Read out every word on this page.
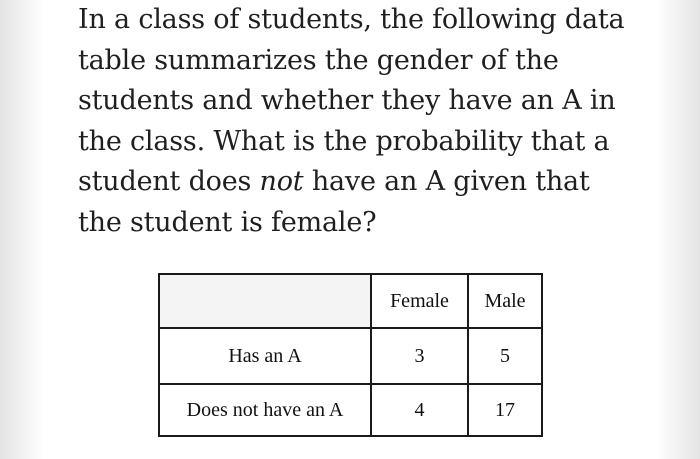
In a class of students, the following data table summarizes the gender of the students and whether they have an A in the class. What is the probability that a student does not have an A given that the student is female?

	Female	Male
Has an A	3	5
Does not have an A	4	17
